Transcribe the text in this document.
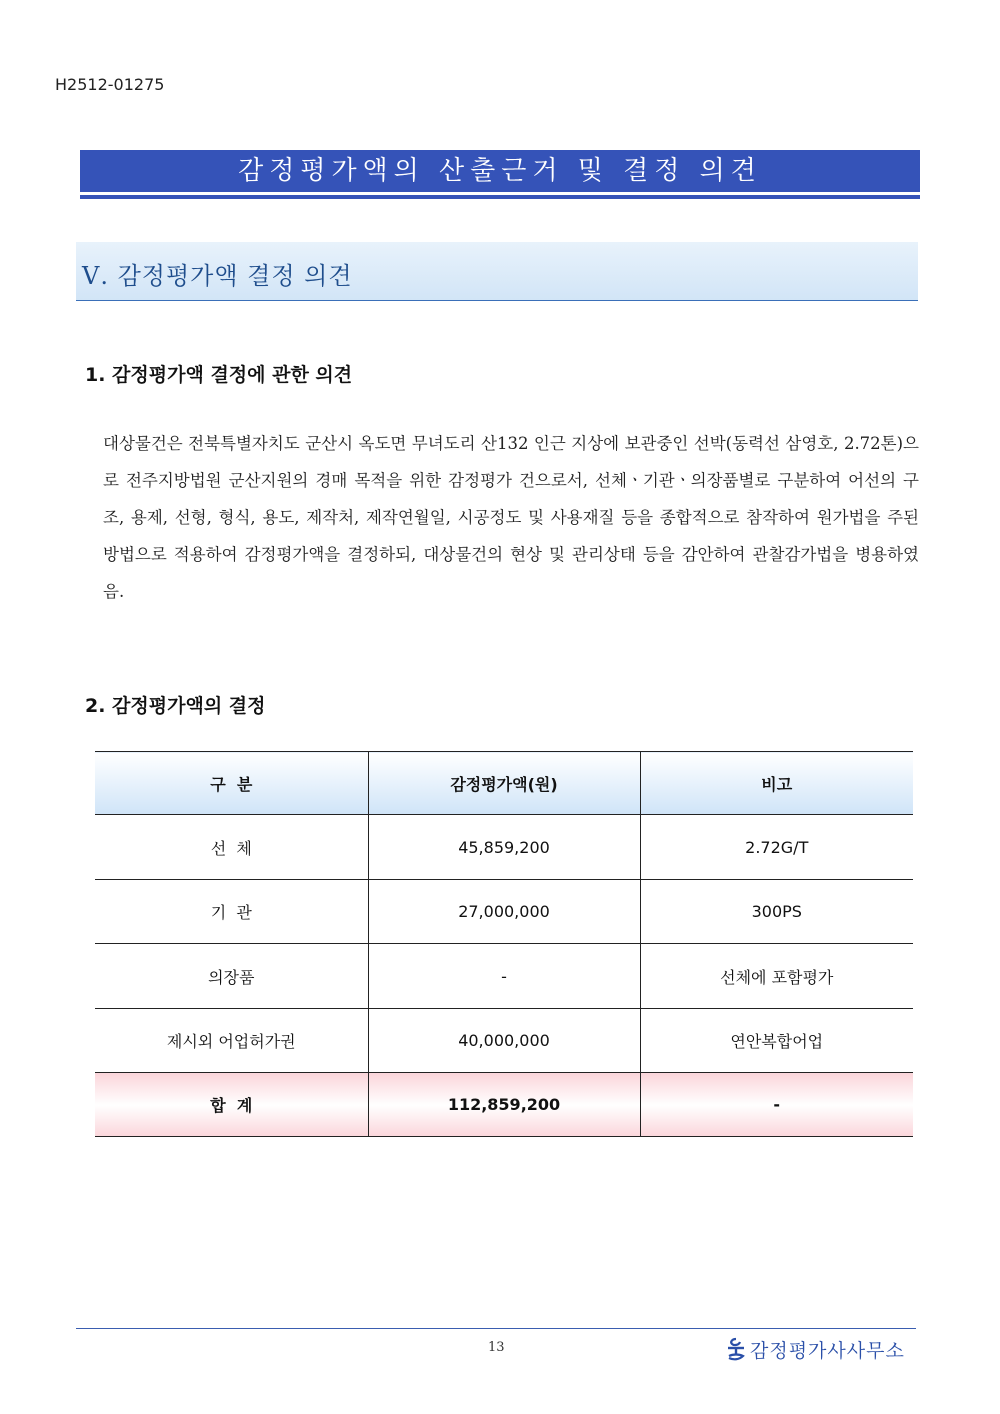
H2512-01275
감정평가액의 산출근거 및 결정 의견
Ⅴ. 감정평가액 결정 의견
1. 감정평가액 결정에 관한 의견
대상물건은 전북특별자치도 군산시 옥도면 무녀도리 산132 인근 지상에 보관중인 선박(동력선 삼영호, 2.72톤)으로 전주지방법원 군산지원의 경매 목적을 위한 감정평가 건으로서, 선체ㆍ기관ㆍ의장품별로 구분하여 어선의 구조, 용제, 선형, 형식, 용도, 제작처, 제작연월일, 시공정도 및 사용재질 등을 종합적으로 참작하여 원가법을 주된 방법으로 적용하여 감정평가액을 결정하되, 대상물건의 현상 및 관리상태 등을 감안하여 관찰감가법을 병용하였음.
2. 감정평가액의 결정
구  분	감정평가액(원)	비고
선  체	45,859,200	2.72G/T
기  관	27,000,000	300PS
의장품	-	선체에 포함평가
제시외 어업허가권	40,000,000	연안복합어업
합  계	112,859,200	-
13	감정평가사사무소
